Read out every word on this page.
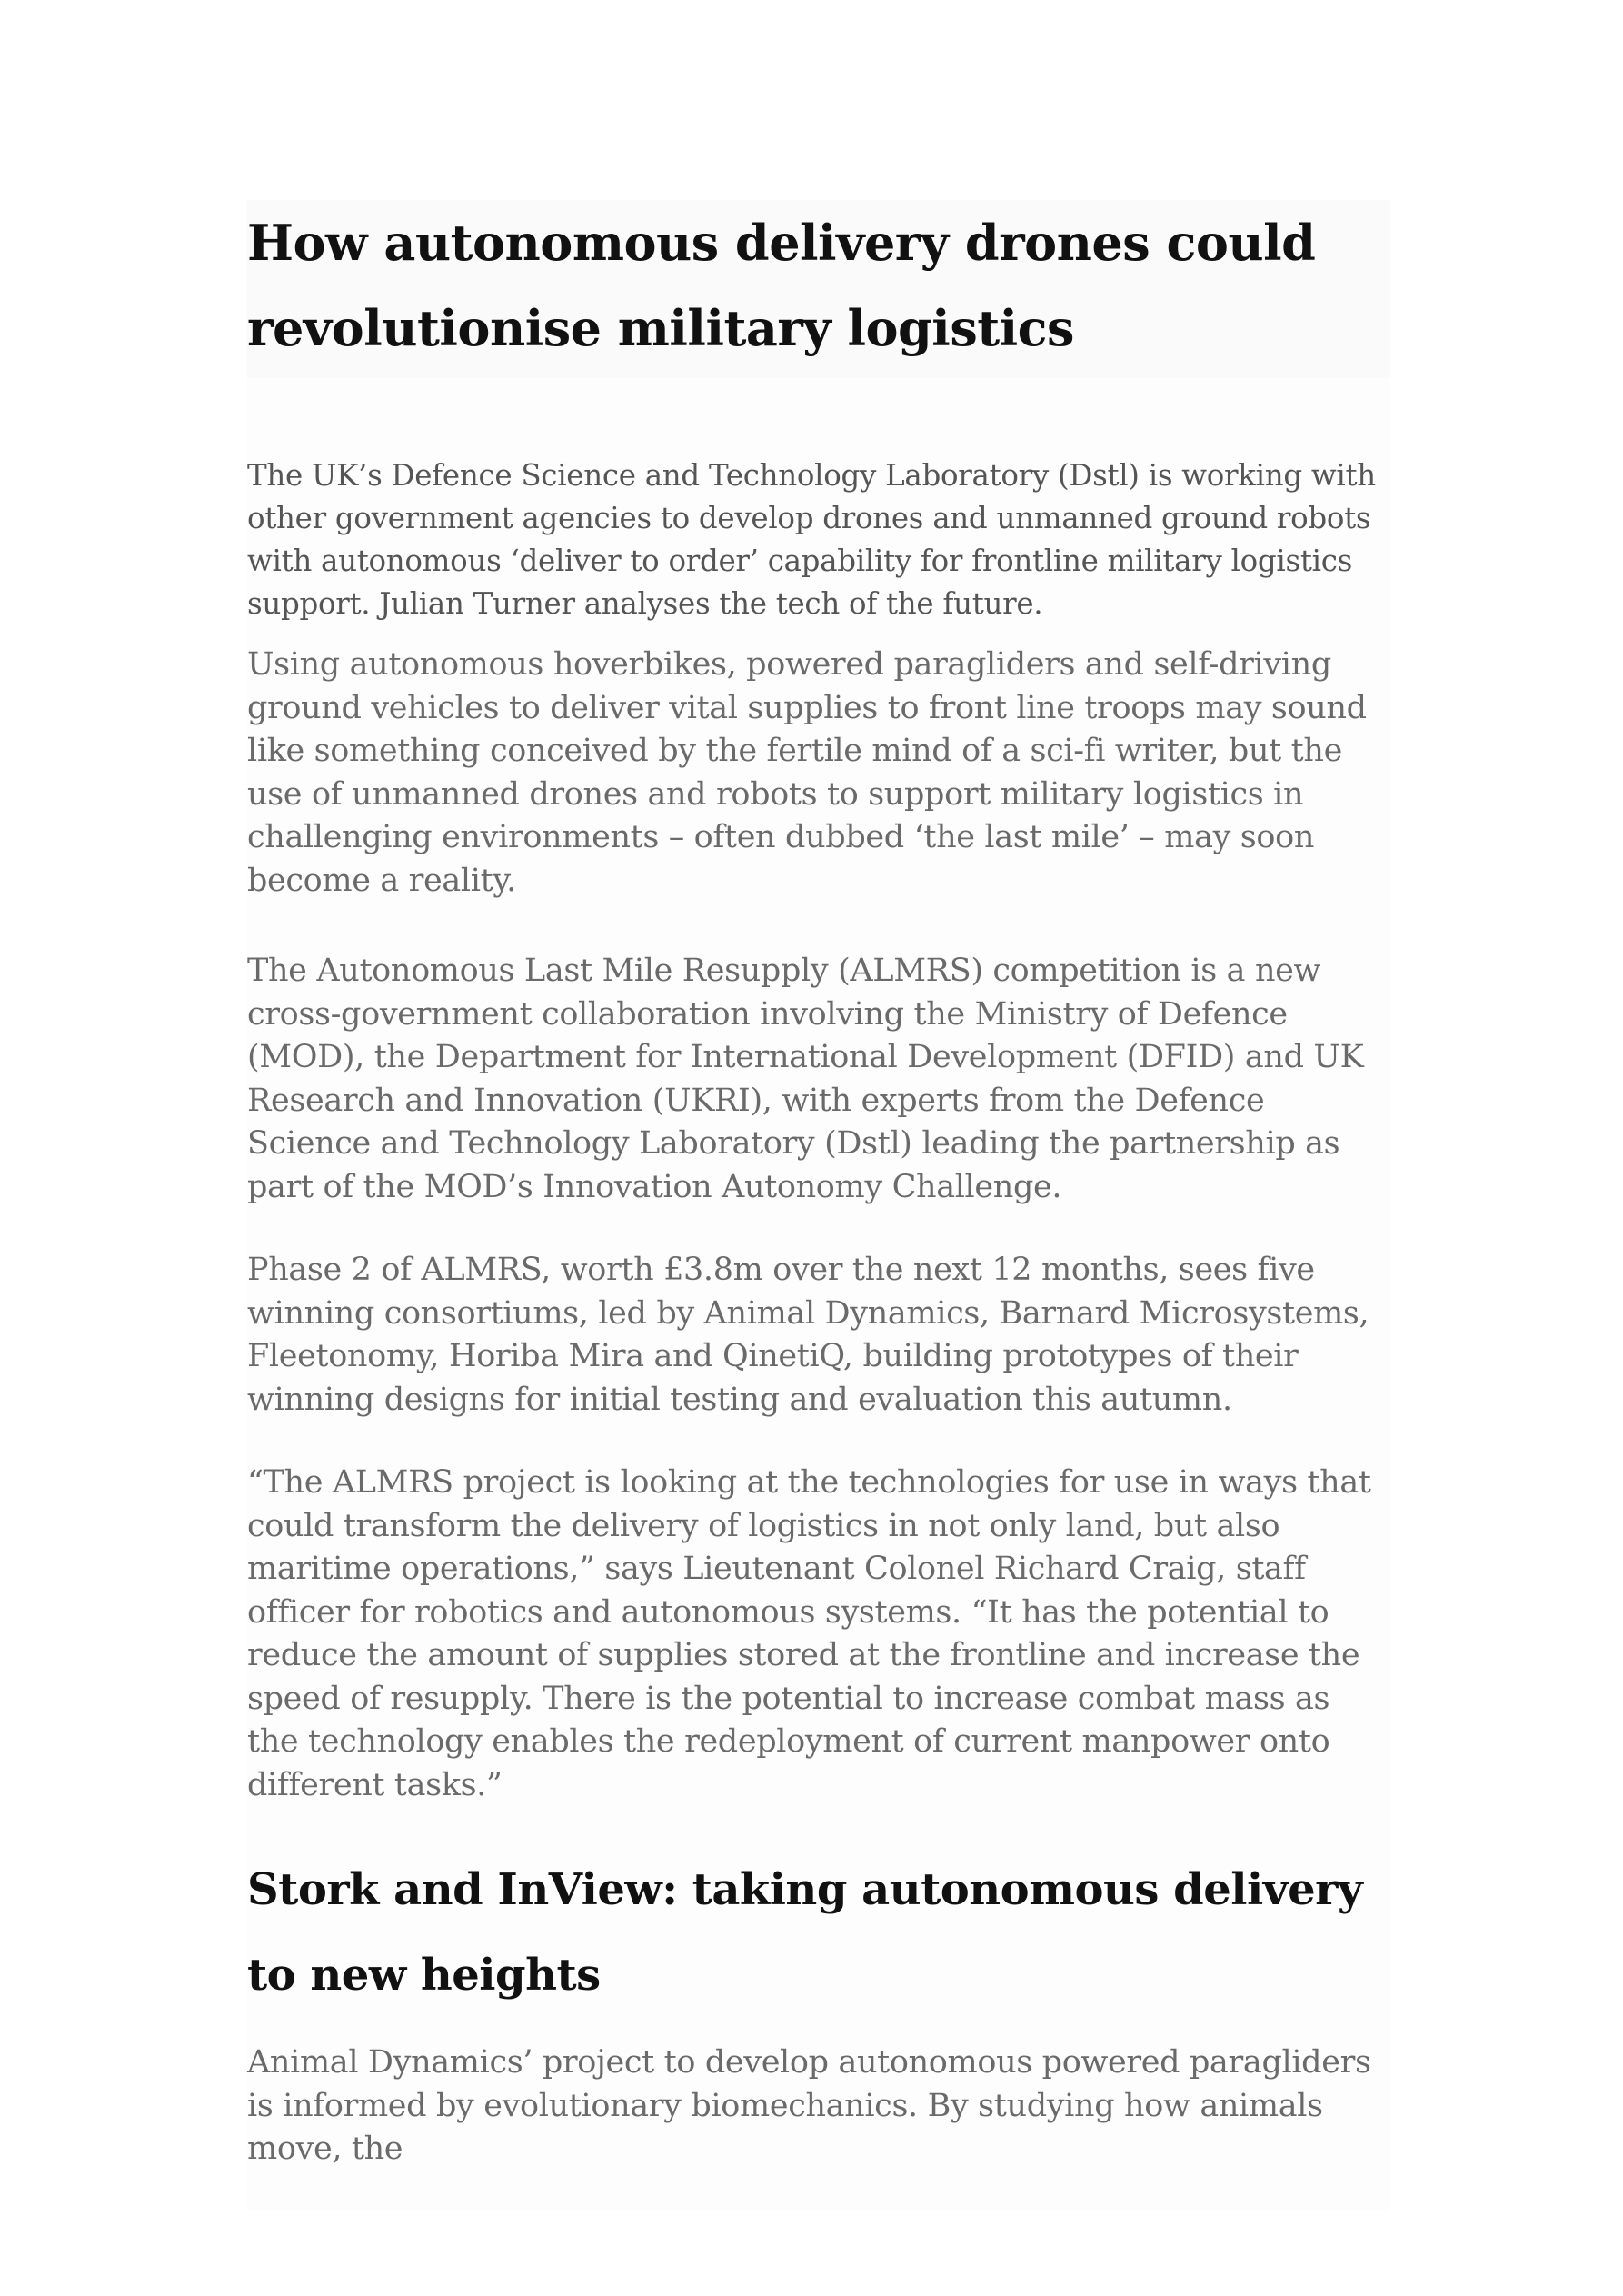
How autonomous delivery drones could revolutionise military logistics

The UK’s Defence Science and Technology Laboratory (Dstl) is working with other government agencies to develop drones and unmanned ground robots with autonomous ‘deliver to order’ capability for frontline military logistics support. Julian Turner analyses the tech of the future.

Using autonomous hoverbikes, powered paragliders and self-driving ground vehicles to deliver vital supplies to front line troops may sound like something conceived by the fertile mind of a sci-fi writer, but the use of unmanned drones and robots to support military logistics in challenging environments – often dubbed ‘the last mile’ – may soon become a reality.

The Autonomous Last Mile Resupply (ALMRS) competition is a new cross-government collaboration involving the Ministry of Defence (MOD), the Department for International Development (DFID) and UK Research and Innovation (UKRI), with experts from the Defence Science and Technology Laboratory (Dstl) leading the partnership as part of the MOD’s Innovation Autonomy Challenge.

Phase 2 of ALMRS, worth £3.8m over the next 12 months, sees five winning consortiums, led by Animal Dynamics, Barnard Microsystems, Fleetonomy, Horiba Mira and QinetiQ, building prototypes of their winning designs for initial testing and evaluation this autumn.

“The ALMRS project is looking at the technologies for use in ways that could transform the delivery of logistics in not only land, but also maritime operations,” says Lieutenant Colonel Richard Craig, staff officer for robotics and autonomous systems. “It has the potential to reduce the amount of supplies stored at the frontline and increase the speed of resupply. There is the potential to increase combat mass as the technology enables the redeployment of current manpower onto different tasks.”

Stork and InView: taking autonomous delivery to new heights

Animal Dynamics’ project to develop autonomous powered paragliders is informed by evolutionary biomechanics. By studying how animals move, the
